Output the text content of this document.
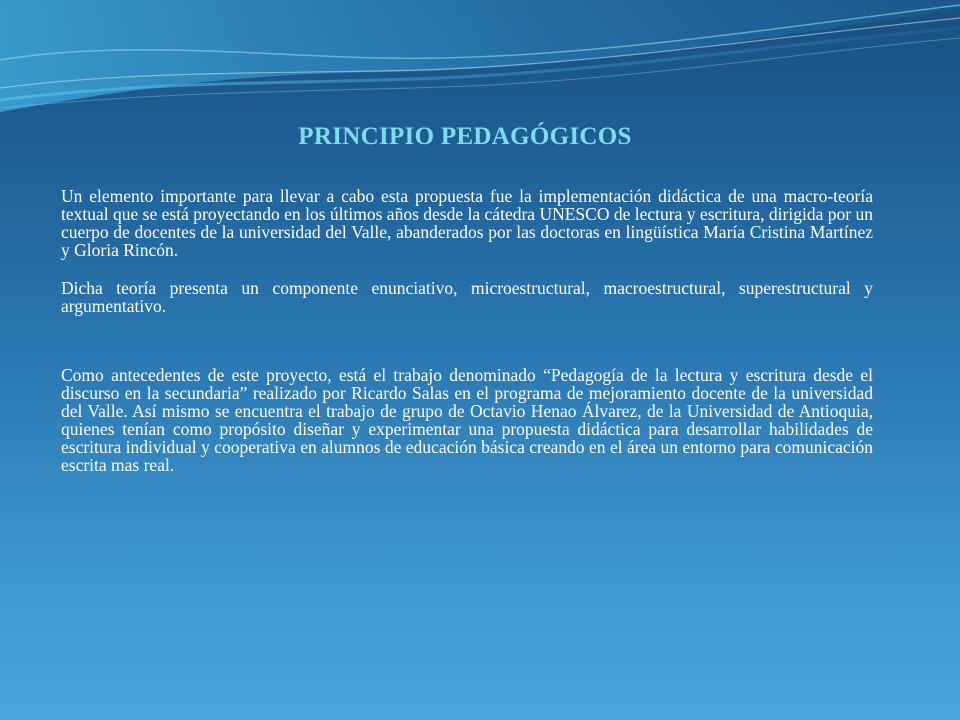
PRINCIPIO PEDAGÓGICOS

Un elemento importante para llevar a cabo esta propuesta fue la implementación didáctica de una macro-teoría textual que se está proyectando en los últimos años desde la cátedra UNESCO de lectura y escritura, dirigida por un cuerpo de docentes de la universidad del Valle, abanderados por las doctoras en lingüística María Cristina Martínez y Gloria Rincón.

Dicha teoría presenta un componente enunciativo, microestructural, macroestructural, superestructural y argumentativo.

Como antecedentes de este proyecto, está el trabajo denominado “Pedagogía de la lectura y escritura desde el discurso en la secundaria” realizado por Ricardo Salas en el programa de mejoramiento docente de la universidad del Valle. Así mismo se encuentra el trabajo de grupo de Octavio Henao Álvarez, de la Universidad de Antioquia, quienes tenían como propósito diseñar y experimentar una propuesta didáctica para desarrollar habilidades de escritura individual y cooperativa en alumnos de educación básica creando en el área un entorno para comunicación escrita mas real.
